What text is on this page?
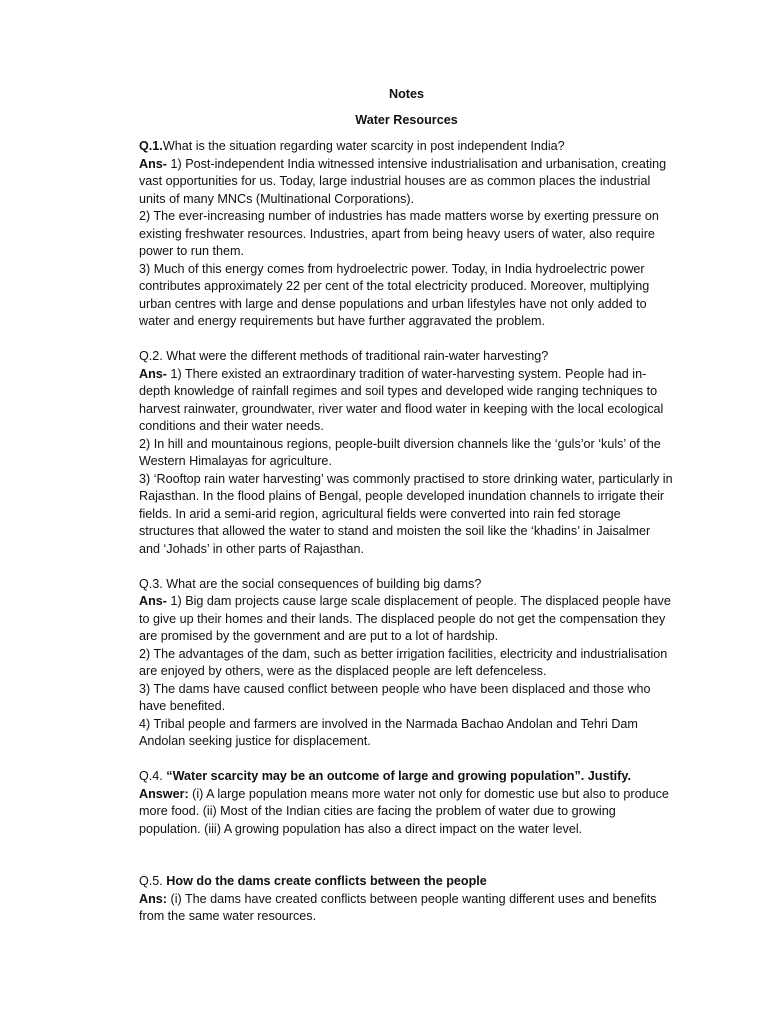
Notes

Water Resources

Q.1.What is the situation regarding water scarcity in post independent India?

Ans- 1) Post-independent India witnessed intensive industrialisation and urbanisation, creating vast opportunities for us. Today, large industrial houses are as common places the industrial units of many MNCs (Multinational Corporations).

2) The ever-increasing number of industries has made matters worse by exerting pressure on existing freshwater resources. Industries, apart from being heavy users of water, also require power to run them.

3) Much of this energy comes from hydroelectric power. Today, in India hydroelectric power contributes approximately 22 per cent of the total electricity produced. Moreover, multiplying urban centres with large and dense populations and urban lifestyles have not only added to water and energy requirements but have further aggravated the problem.

Q.2. What were the different methods of traditional rain-water harvesting?

Ans- 1) There existed an extraordinary tradition of water-harvesting system. People had in-depth knowledge of rainfall regimes and soil types and developed wide ranging techniques to harvest rainwater, groundwater, river water and flood water in keeping with the local ecological conditions and their water needs.

2) In hill and mountainous regions, people-built diversion channels like the ‘guls’or ‘kuls’ of the Western Himalayas for agriculture.

3) ‘Rooftop rain water harvesting’ was commonly practised to store drinking water, particularly in Rajasthan. In the flood plains of Bengal, people developed inundation channels to irrigate their fields. In arid a semi-arid region, agricultural fields were converted into rain fed storage structures that allowed the water to stand and moisten the soil like the ‘khadins’ in Jaisalmer and ‘Johads’ in other parts of Rajasthan.

Q.3. What are the social consequences of building big dams?

Ans- 1) Big dam projects cause large scale displacement of people. The displaced people have to give up their homes and their lands. The displaced people do not get the compensation they are promised by the government and are put to a lot of hardship.

2) The advantages of the dam, such as better irrigation facilities, electricity and industrialisation are enjoyed by others, were as the displaced people are left defenceless.

3) The dams have caused conflict between people who have been displaced and those who have benefited.

4) Tribal people and farmers are involved in the Narmada Bachao Andolan and Tehri Dam Andolan seeking justice for displacement.

Q.4. “Water scarcity may be an outcome of large and growing population”. Justify.

Answer: (i) A large population means more water not only for domestic use but also to produce more food. (ii) Most of the Indian cities are facing the problem of water due to growing population. (iii) A growing population has also a direct impact on the water level.

Q.5. How do the dams create conflicts between the people

Ans: (i) The dams have created conflicts between people wanting different uses and benefits from the same water resources.
